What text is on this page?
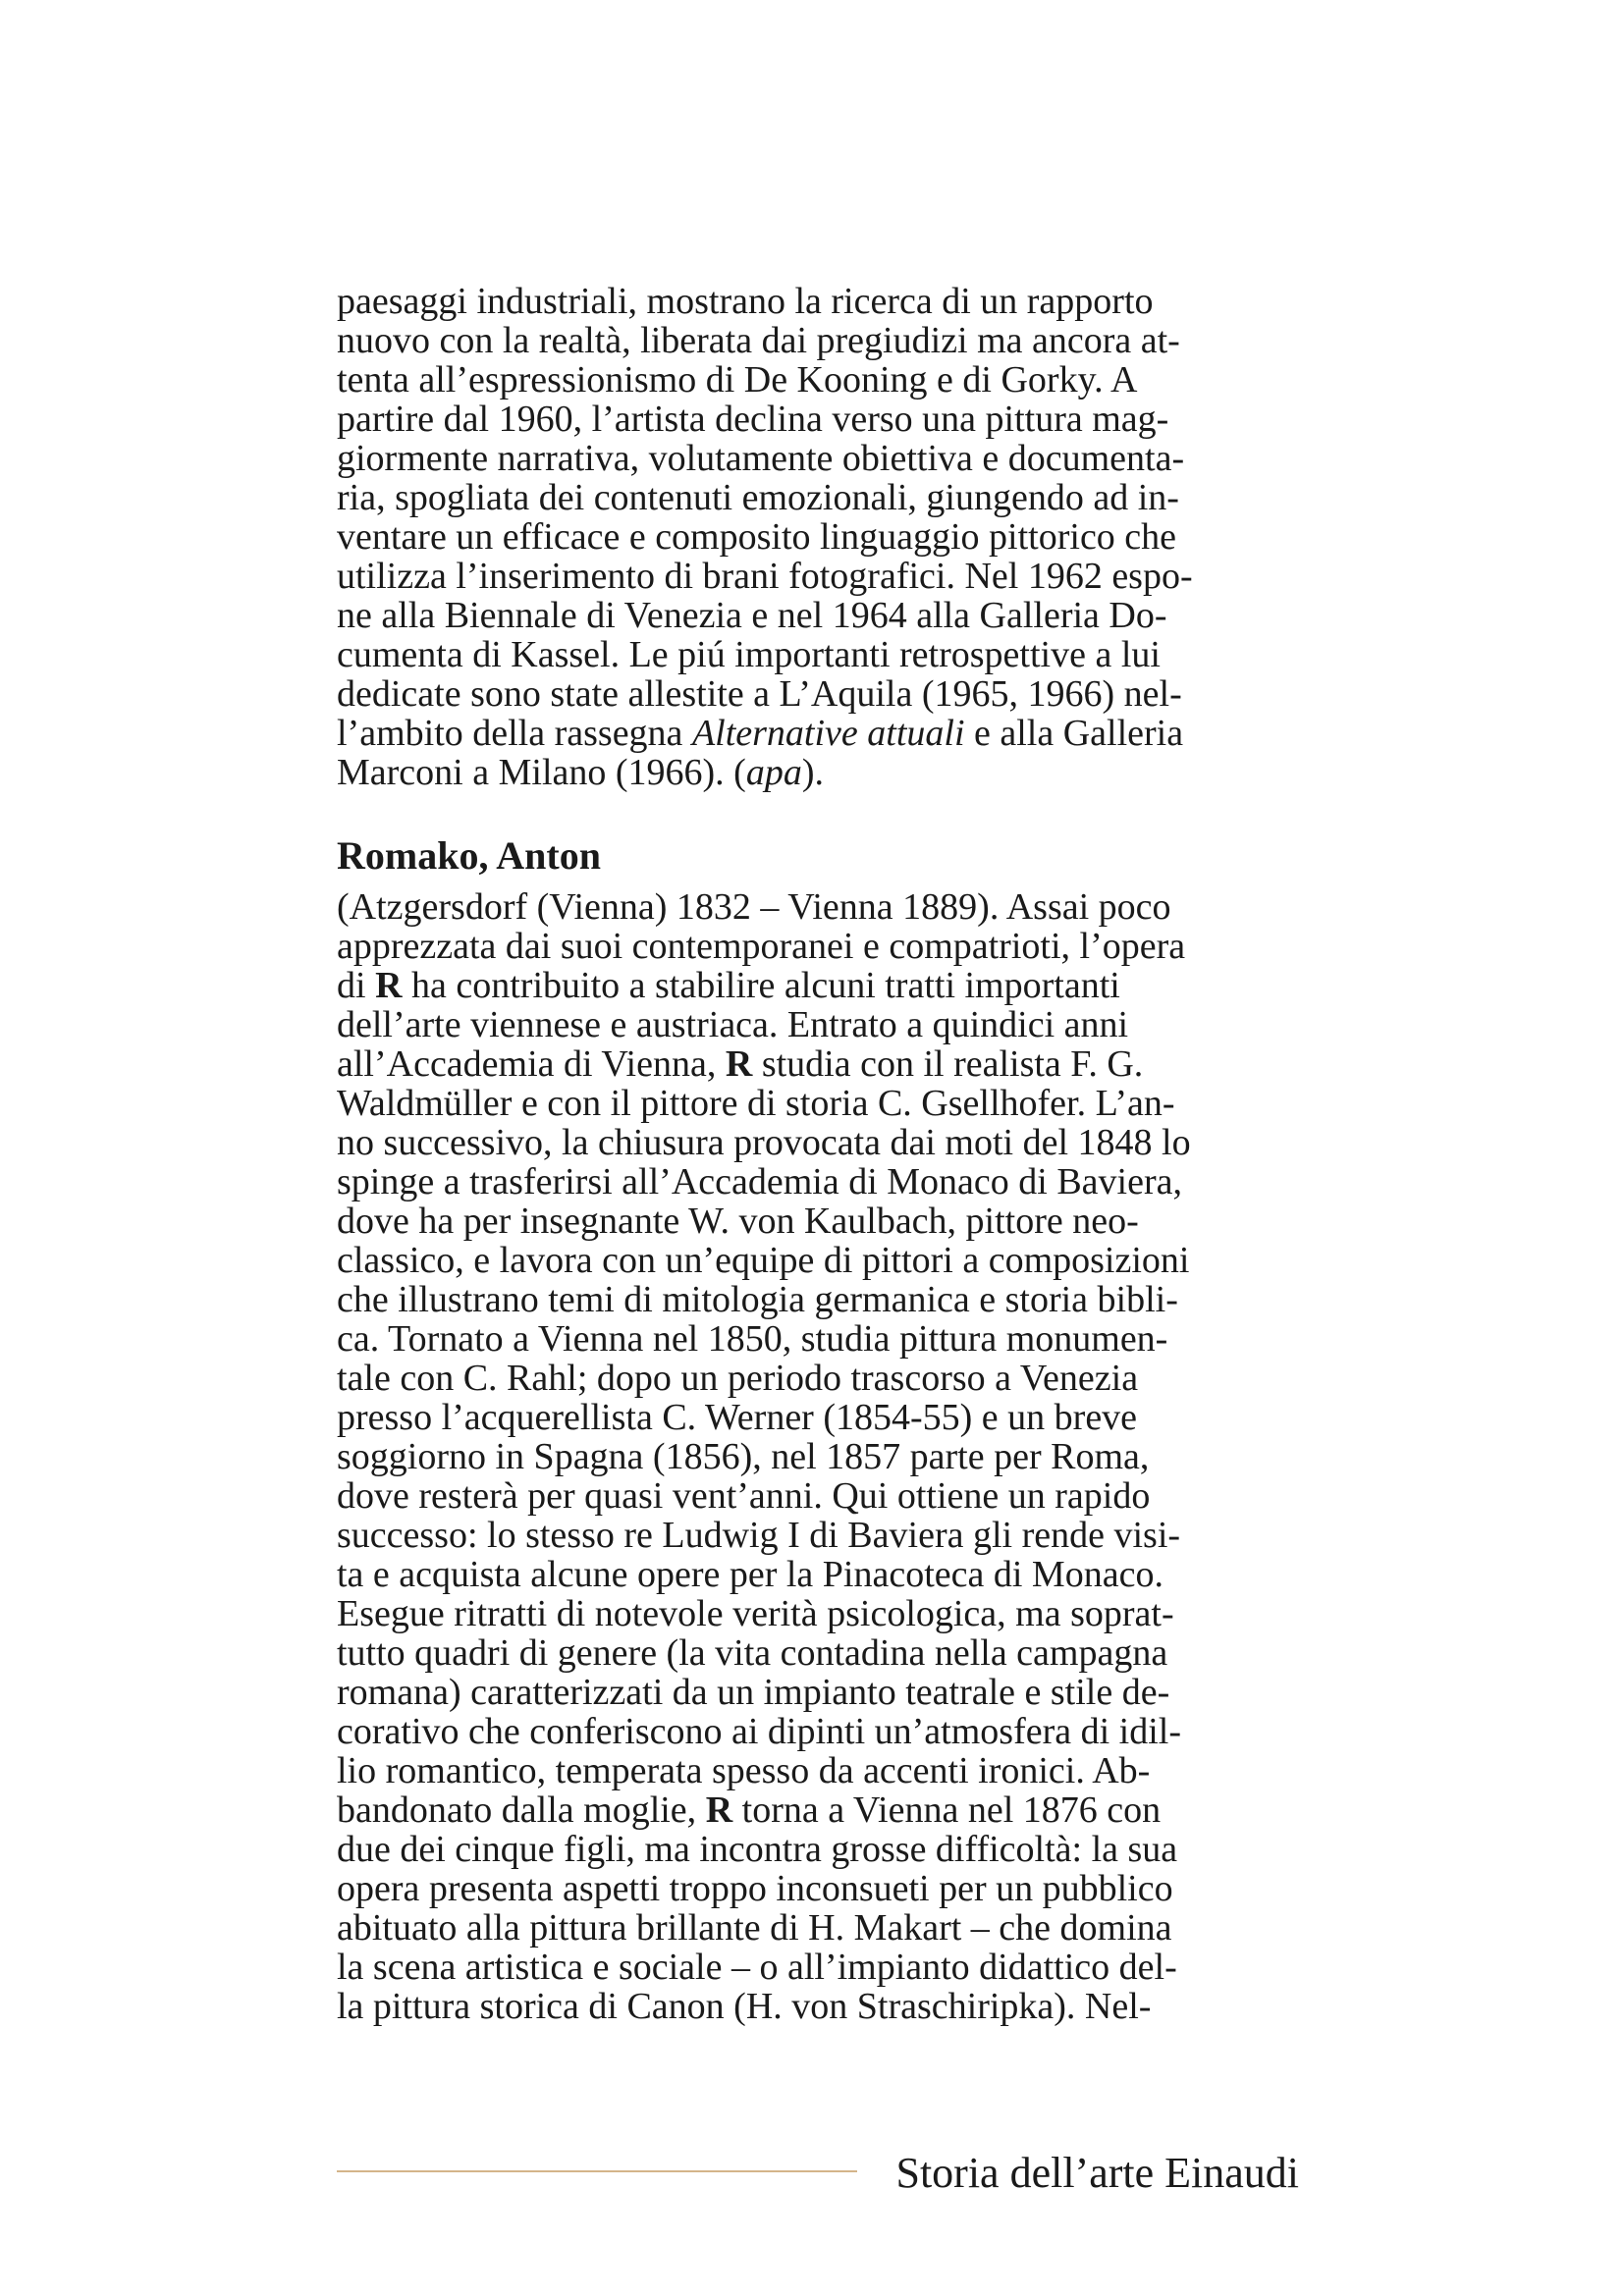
paesaggi industriali, mostrano la ricerca di un rapporto
nuovo con la realtà, liberata dai pregiudizi ma ancora at-
tenta all’espressionismo di De Kooning e di Gorky. A
partire dal 1960, l’artista declina verso una pittura mag-
giormente narrativa, volutamente obiettiva e documenta-
ria, spogliata dei contenuti emozionali, giungendo ad in-
ventare un efficace e composito linguaggio pittorico che
utilizza l’inserimento di brani fotografici. Nel 1962 espo-
ne alla Biennale di Venezia e nel 1964 alla Galleria Do-
cumenta di Kassel. Le piú importanti retrospettive a lui
dedicate sono state allestite a L’Aquila (1965, 1966) nel-
l’ambito della rassegna Alternative attuali e alla Galleria
Marconi a Milano (1966). (apa).
Romako, Anton
(Atzgersdorf (Vienna) 1832 – Vienna 1889). Assai poco
apprezzata dai suoi contemporanei e compatrioti, l’opera
di R ha contribuito a stabilire alcuni tratti importanti
dell’arte viennese e austriaca. Entrato a quindici anni
all’Accademia di Vienna, R studia con il realista F. G.
Waldmüller e con il pittore di storia C. Gsellhofer. L’an-
no successivo, la chiusura provocata dai moti del 1848 lo
spinge a trasferirsi all’Accademia di Monaco di Baviera,
dove ha per insegnante W. von Kaulbach, pittore neo-
classico, e lavora con un’equipe di pittori a composizioni
che illustrano temi di mitologia germanica e storia bibli-
ca. Tornato a Vienna nel 1850, studia pittura monumen-
tale con C. Rahl; dopo un periodo trascorso a Venezia
presso l’acquerellista C. Werner (1854-55) e un breve
soggiorno in Spagna (1856), nel 1857 parte per Roma,
dove resterà per quasi vent’anni. Qui ottiene un rapido
successo: lo stesso re Ludwig I di Baviera gli rende visi-
ta e acquista alcune opere per la Pinacoteca di Monaco.
Esegue ritratti di notevole verità psicologica, ma soprat-
tutto quadri di genere (la vita contadina nella campagna
romana) caratterizzati da un impianto teatrale e stile de-
corativo che conferiscono ai dipinti un’atmosfera di idil-
lio romantico, temperata spesso da accenti ironici. Ab-
bandonato dalla moglie, R torna a Vienna nel 1876 con
due dei cinque figli, ma incontra grosse difficoltà: la sua
opera presenta aspetti troppo inconsueti per un pubblico
abituato alla pittura brillante di H. Makart – che domina
la scena artistica e sociale – o all’impianto didattico del-
la pittura storica di Canon (H. von Straschiripka). Nel-
Storia dell’arte Einaudi
